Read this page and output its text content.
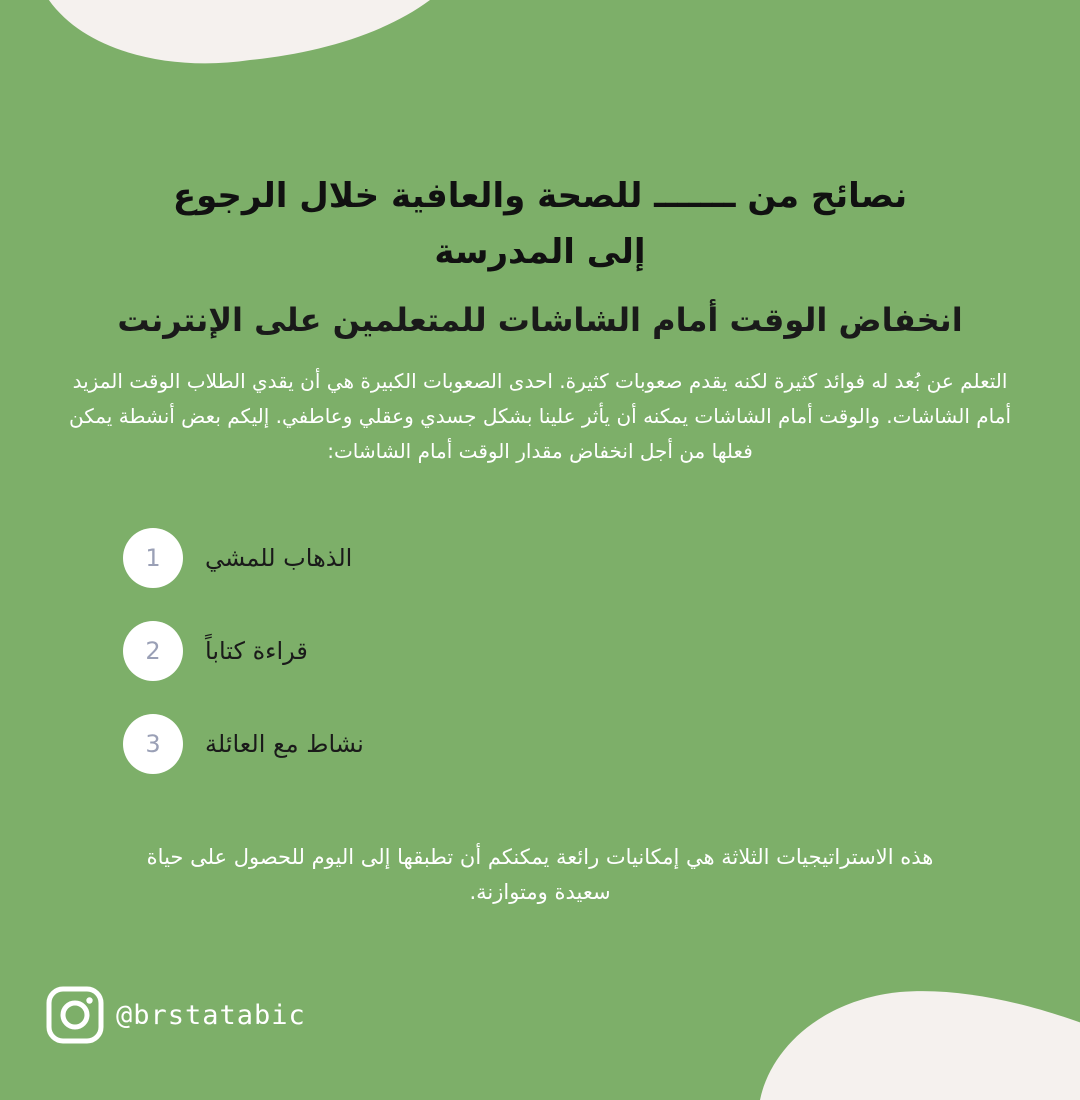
نصائح من ـــــــ للصحة والعافية خلال الرجوع إلى المدرسة
انخفاض الوقت أمام الشاشات للمتعلمين على الإنترنت

التعلم عن بُعد له فوائد كثيرة لكنه يقدم صعوبات كثيرة. احدى الصعوبات الكبيرة هي أن يقدي الطلاب الوقت المزيد أمام الشاشات. والوقت أمام الشاشات يمكنه أن يأثر علينا بشكل جسدي وعقلي وعاطفي. إليكم بعض أنشطة يمكن فعلها من أجل انخفاض مقدار الوقت أمام الشاشات:

1	الذهاب للمشي
2	قراءة كتاباً
3	نشاط مع العائلة

هذه الاستراتيجيات الثلاثة هي إمكانيات رائعة يمكنكم أن تطبقها إلى اليوم للحصول على حياة سعيدة ومتوازنة.

@brstatabic
